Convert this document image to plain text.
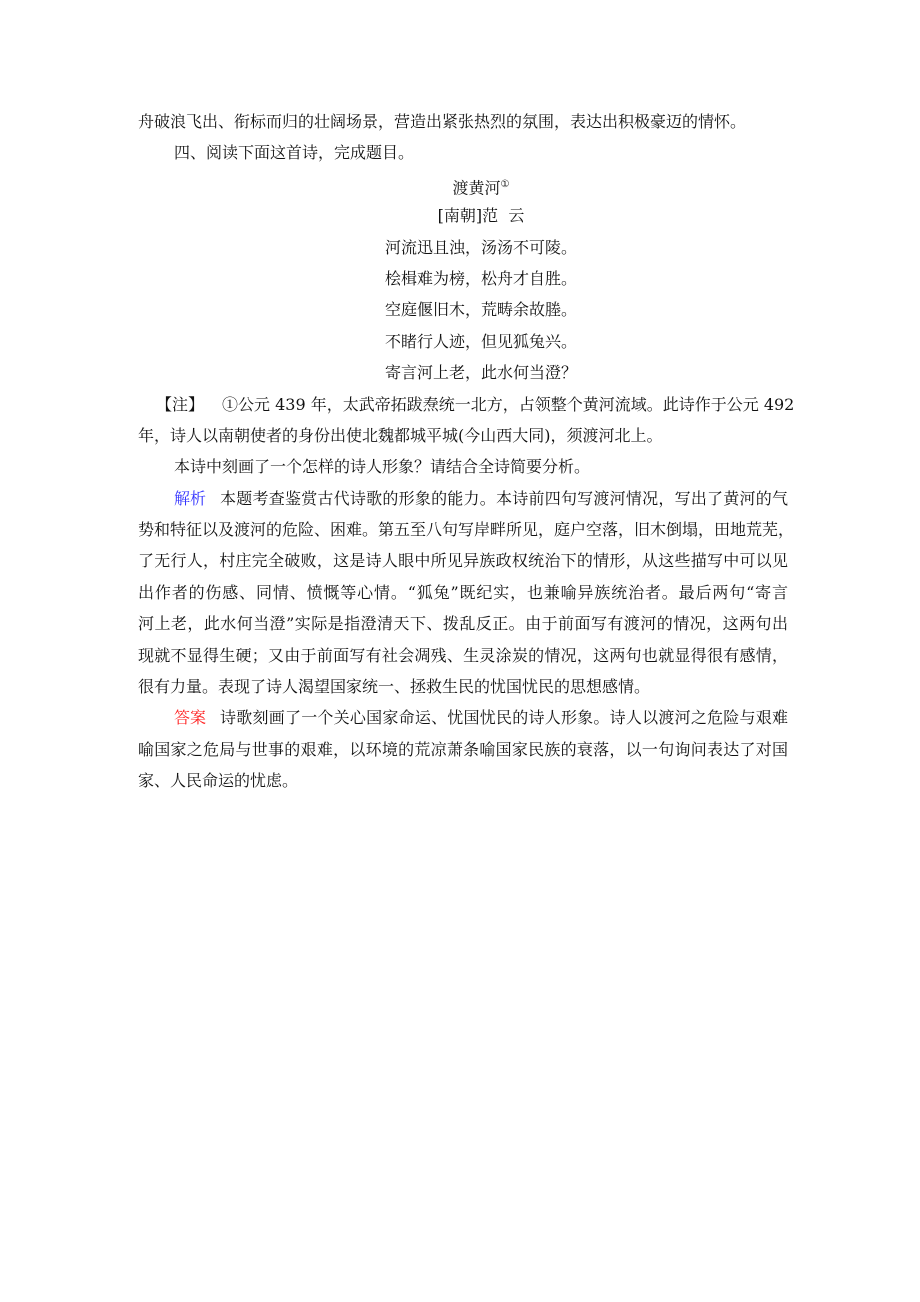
舟破浪飞出、衔标而归的壮阔场景，营造出紧张热烈的氛围，表达出积极豪迈的情怀。
四、阅读下面这首诗，完成题目。
渡黄河①
[南朝]范  云
河流迅且浊，汤汤不可陵。
桧楫难为榜，松舟才自胜。
空庭偃旧木，荒畴余故塍。
不睹行人迹，但见狐兔兴。
寄言河上老，此水何当澄？
【注】 ①公元 439 年，太武帝拓跋焘统一北方，占领整个黄河流域。此诗作于公元 492
年，诗人以南朝使者的身份出使北魏都城平城(今山西大同)，须渡河北上。
本诗中刻画了一个怎样的诗人形象？请结合全诗简要分析。
解析 本题考查鉴赏古代诗歌的形象的能力。本诗前四句写渡河情况，写出了黄河的气
势和特征以及渡河的危险、困难。第五至八句写岸畔所见，庭户空落，旧木倒塌，田地荒芜，
了无行人，村庄完全破败，这是诗人眼中所见异族政权统治下的情形，从这些描写中可以见
出作者的伤感、同情、愤慨等心情。“狐兔”既纪实，也兼喻异族统治者。最后两句“寄言
河上老，此水何当澄”实际是指澄清天下、拨乱反正。由于前面写有渡河的情况，这两句出
现就不显得生硬；又由于前面写有社会凋残、生灵涂炭的情况，这两句也就显得很有感情，
很有力量。表现了诗人渴望国家统一、拯救生民的忧国忧民的思想感情。
答案 诗歌刻画了一个关心国家命运、忧国忧民的诗人形象。诗人以渡河之危险与艰难
喻国家之危局与世事的艰难，以环境的荒凉萧条喻国家民族的衰落，以一句询问表达了对国
家、人民命运的忧虑。
